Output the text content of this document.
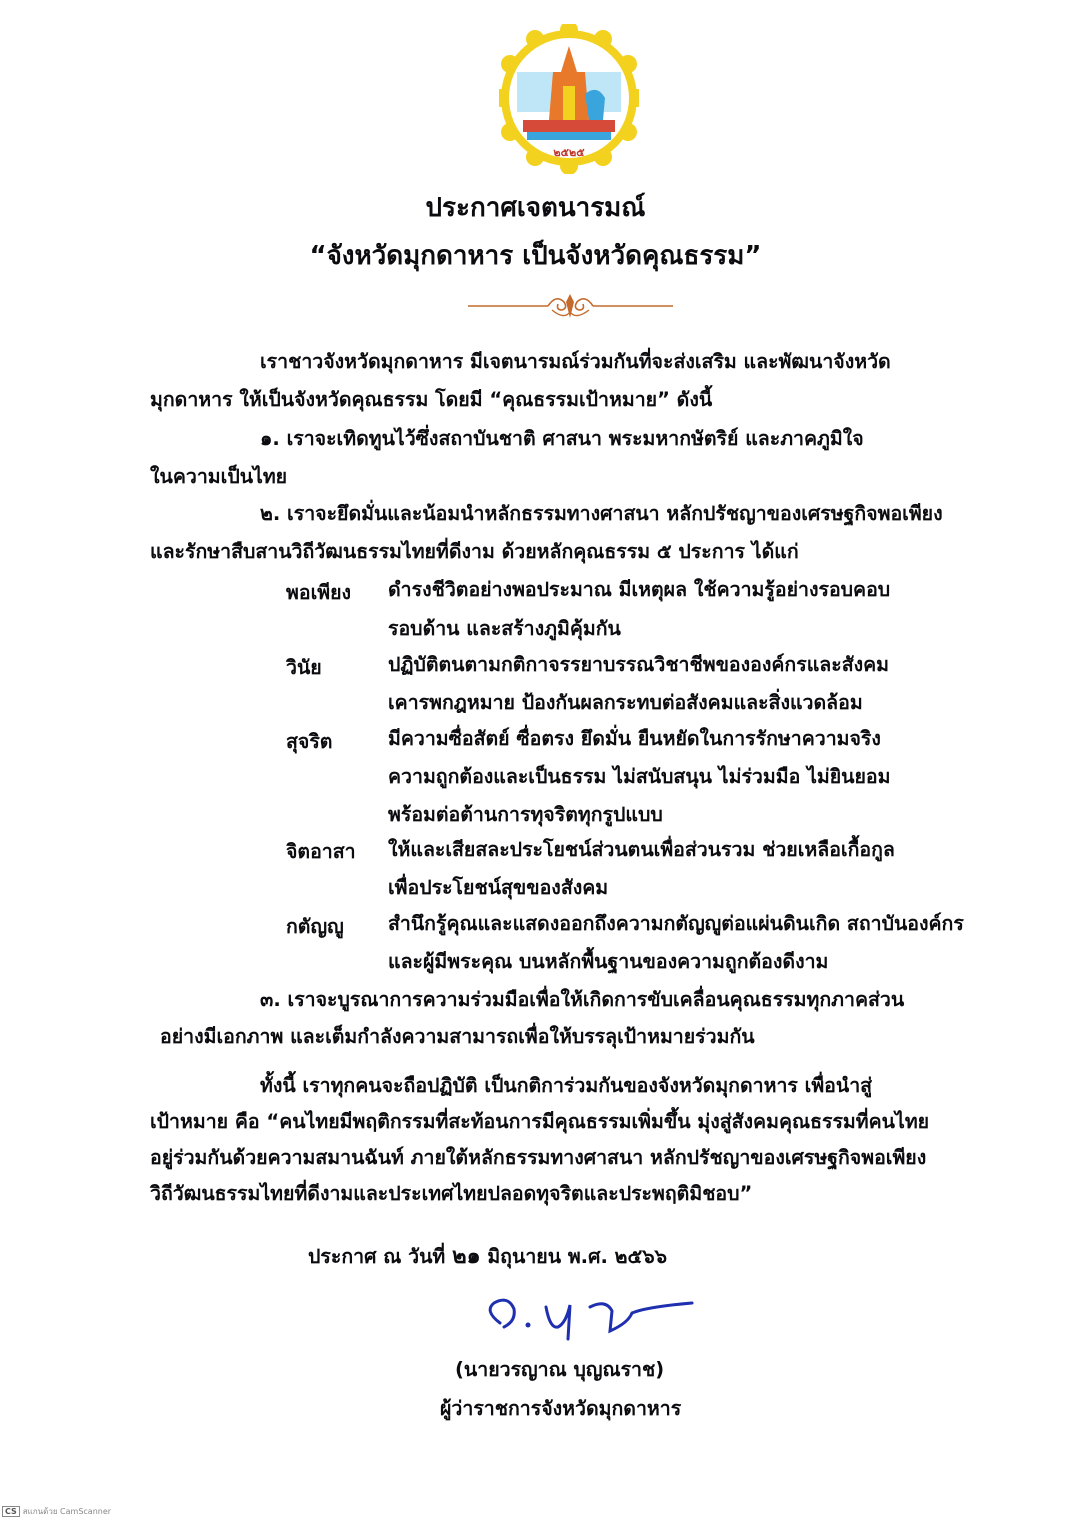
๒๕๒๕
ประกาศเจตนารมณ์
“จังหวัดมุกดาหาร เป็นจังหวัดคุณธรรม”
เราชาวจังหวัดมุกดาหาร มีเจตนารมณ์ร่วมกันที่จะส่งเสริม และพัฒนาจังหวัด
มุกดาหาร ให้เป็นจังหวัดคุณธรรม โดยมี “คุณธรรมเป้าหมาย” ดังนี้
๑. เราจะเทิดทูนไว้ซึ่งสถาบันชาติ ศาสนา พระมหากษัตริย์ และภาคภูมิใจ
ในความเป็นไทย
๒. เราจะยึดมั่นและน้อมนำหลักธรรมทางศาสนา หลักปรัชญาของเศรษฐกิจพอเพียง
และรักษาสืบสานวิถีวัฒนธรรมไทยที่ดีงาม ด้วยหลักคุณธรรม ๕ ประการ ได้แก่
พอเพียง ดำรงชีวิตอย่างพอประมาณ มีเหตุผล ใช้ความรู้อย่างรอบคอบ
รอบด้าน และสร้างภูมิคุ้มกัน
วินัย	ปฏิบัติตนตามกติกาจรรยาบรรณวิชาชีพขององค์กรและสังคม
เคารพกฎหมาย ป้องกันผลกระทบต่อสังคมและสิ่งแวดล้อม
สุจริต	มีความซื่อสัตย์ ซื่อตรง ยึดมั่น ยืนหยัดในการรักษาความจริง
ความถูกต้องและเป็นธรรม ไม่สนับสนุน ไม่ร่วมมือ ไม่ยินยอม
พร้อมต่อต้านการทุจริตทุกรูปแบบ
จิตอาสา ให้และเสียสละประโยชน์ส่วนตนเพื่อส่วนรวม ช่วยเหลือเกื้อกูล
เพื่อประโยชน์สุขของสังคม
กตัญญู สำนึกรู้คุณและแสดงออกถึงความกตัญญูต่อแผ่นดินเกิด สถาบันองค์กร
และผู้มีพระคุณ บนหลักพื้นฐานของความถูกต้องดีงาม
๓. เราจะบูรณาการความร่วมมือเพื่อให้เกิดการขับเคลื่อนคุณธรรมทุกภาคส่วน
อย่างมีเอกภาพ และเต็มกำลังความสามารถเพื่อให้บรรลุเป้าหมายร่วมกัน
ทั้งนี้ เราทุกคนจะถือปฏิบัติ เป็นกติการ่วมกันของจังหวัดมุกดาหาร เพื่อนำสู่
เป้าหมาย คือ “คนไทยมีพฤติกรรมที่สะท้อนการมีคุณธรรมเพิ่มขึ้น มุ่งสู่สังคมคุณธรรมที่คนไทย
อยู่ร่วมกันด้วยความสมานฉันท์ ภายใต้หลักธรรมทางศาสนา หลักปรัชญาของเศรษฐกิจพอเพียง
วิถีวัฒนธรรมไทยที่ดีงามและประเทศไทยปลอดทุจริตและประพฤติมิชอบ”
ประกาศ ณ วันที่ ๒๑ มิถุนายน พ.ศ. ๒๕๖๖
(นายวรญาณ บุญณราช)
ผู้ว่าราชการจังหวัดมุกดาหาร
CS สแกนด้วย CamScanner
